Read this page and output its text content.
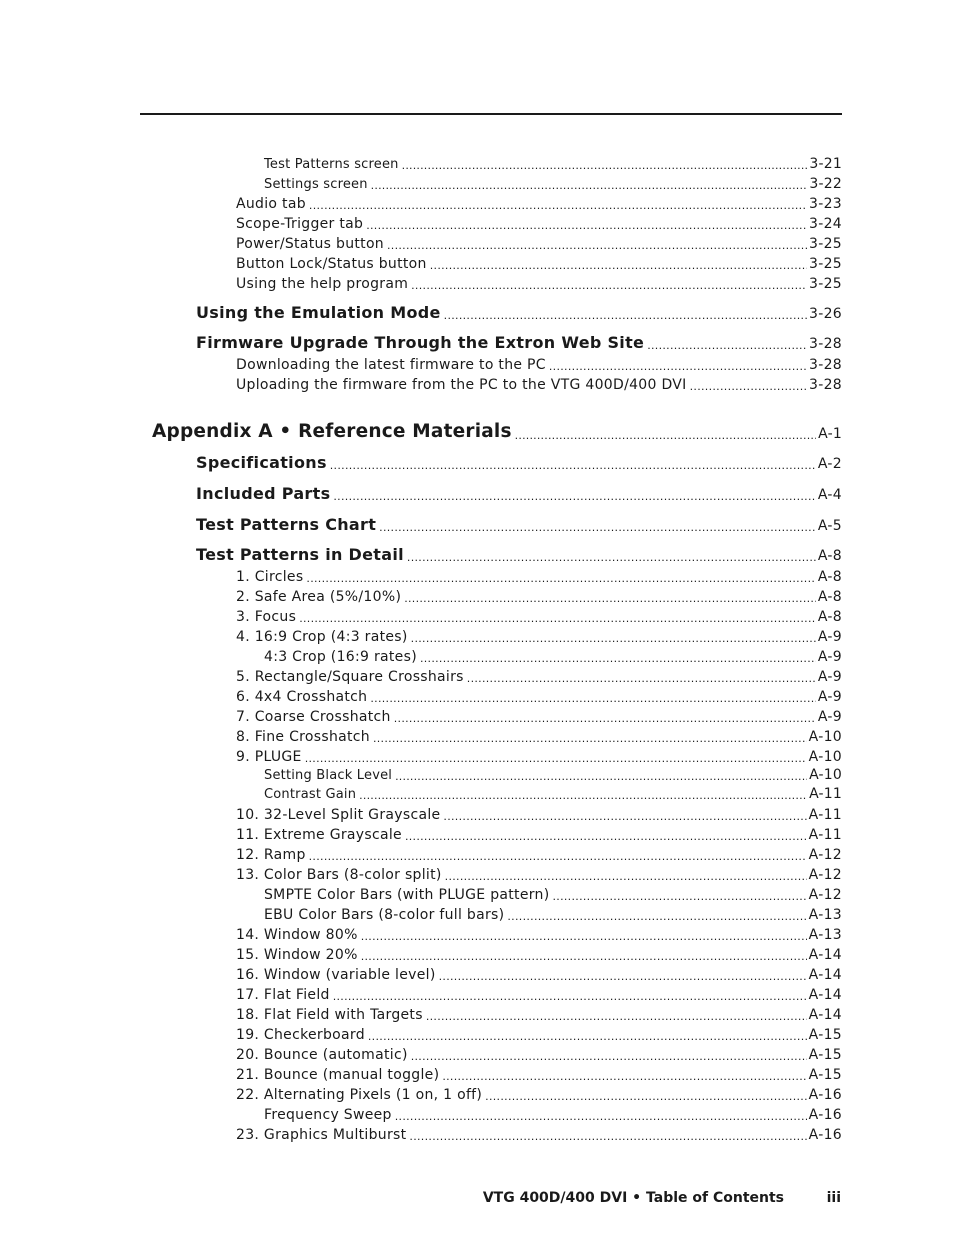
Test Patterns screen .....	3-21
Settings screen .....	3-22
Audio tab .....	3-23
Scope-Trigger tab .....	3-24
Power/Status button .....	3-25
Button Lock/Status button .....	3-25
Using the help program .....	3-25
Using the Emulation Mode .....	3-26
Firmware Upgrade Through the Extron Web Site .....	3-28
Downloading the latest firmware to the PC .....	3-28
Uploading the firmware from the PC to the VTG 400D/400 DVI .....	3-28
Appendix A • Reference Materials .....	A-1
Specifications .....	A-2
Included Parts .....	A-4
Test Patterns Chart .....	A-5
Test Patterns in Detail .....	A-8
1. Circles .....	A-8
2. Safe Area (5%/10%) .....	A-8
3. Focus .....	A-8
4. 16:9 Crop (4:3 rates) .....	A-9
4:3 Crop (16:9 rates) .....	A-9
5. Rectangle/Square Crosshairs .....	A-9
6. 4x4 Crosshatch .....	A-9
7. Coarse Crosshatch .....	A-9
8. Fine Crosshatch .....	A-10
9. PLUGE .....	A-10
Setting Black Level .....	A-10
Contrast Gain .....	A-11
10. 32-Level Split Grayscale .....	A-11
11. Extreme Grayscale .....	A-11
12. Ramp .....	A-12
13. Color Bars (8-color split) .....	A-12
SMPTE Color Bars (with PLUGE pattern) .....	A-12
EBU Color Bars (8-color full bars) .....	A-13
14. Window 80% .....	A-13
15. Window 20% .....	A-14
16. Window (variable level) .....	A-14
17. Flat Field .....	A-14
18. Flat Field with Targets .....	A-14
19. Checkerboard .....	A-15
20. Bounce (automatic) .....	A-15
21. Bounce (manual toggle) .....	A-15
22. Alternating Pixels (1 on, 1 off) .....	A-16
Frequency Sweep .....	A-16
23. Graphics Multiburst .....	A-16
VTG 400D/400 DVI • Table of Contents	iii
